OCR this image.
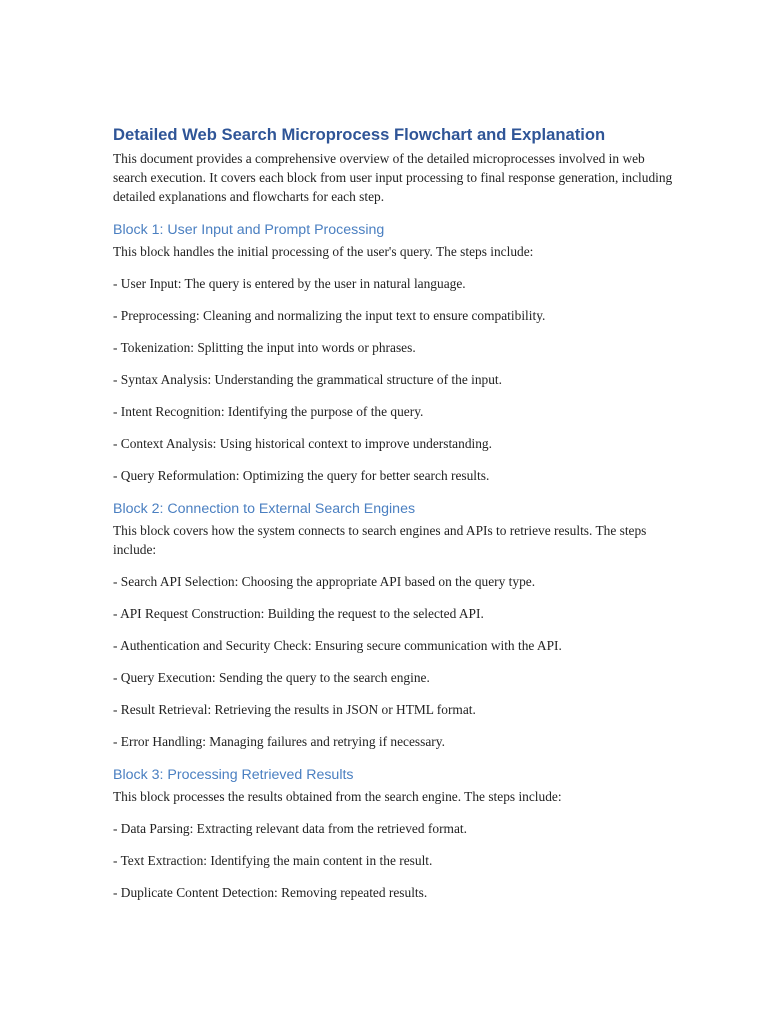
Detailed Web Search Microprocess Flowchart and Explanation

This document provides a comprehensive overview of the detailed microprocesses involved in web search execution. It covers each block from user input processing to final response generation, including detailed explanations and flowcharts for each step.

Block 1: User Input and Prompt Processing

This block handles the initial processing of the user's query. The steps include:

- User Input: The query is entered by the user in natural language.

- Preprocessing: Cleaning and normalizing the input text to ensure compatibility.

- Tokenization: Splitting the input into words or phrases.

- Syntax Analysis: Understanding the grammatical structure of the input.

- Intent Recognition: Identifying the purpose of the query.

- Context Analysis: Using historical context to improve understanding.

- Query Reformulation: Optimizing the query for better search results.

Block 2: Connection to External Search Engines

This block covers how the system connects to search engines and APIs to retrieve results. The steps include:

- Search API Selection: Choosing the appropriate API based on the query type.

- API Request Construction: Building the request to the selected API.

- Authentication and Security Check: Ensuring secure communication with the API.

- Query Execution: Sending the query to the search engine.

- Result Retrieval: Retrieving the results in JSON or HTML format.

- Error Handling: Managing failures and retrying if necessary.

Block 3: Processing Retrieved Results

This block processes the results obtained from the search engine. The steps include:

- Data Parsing: Extracting relevant data from the retrieved format.

- Text Extraction: Identifying the main content in the result.

- Duplicate Content Detection: Removing repeated results.
